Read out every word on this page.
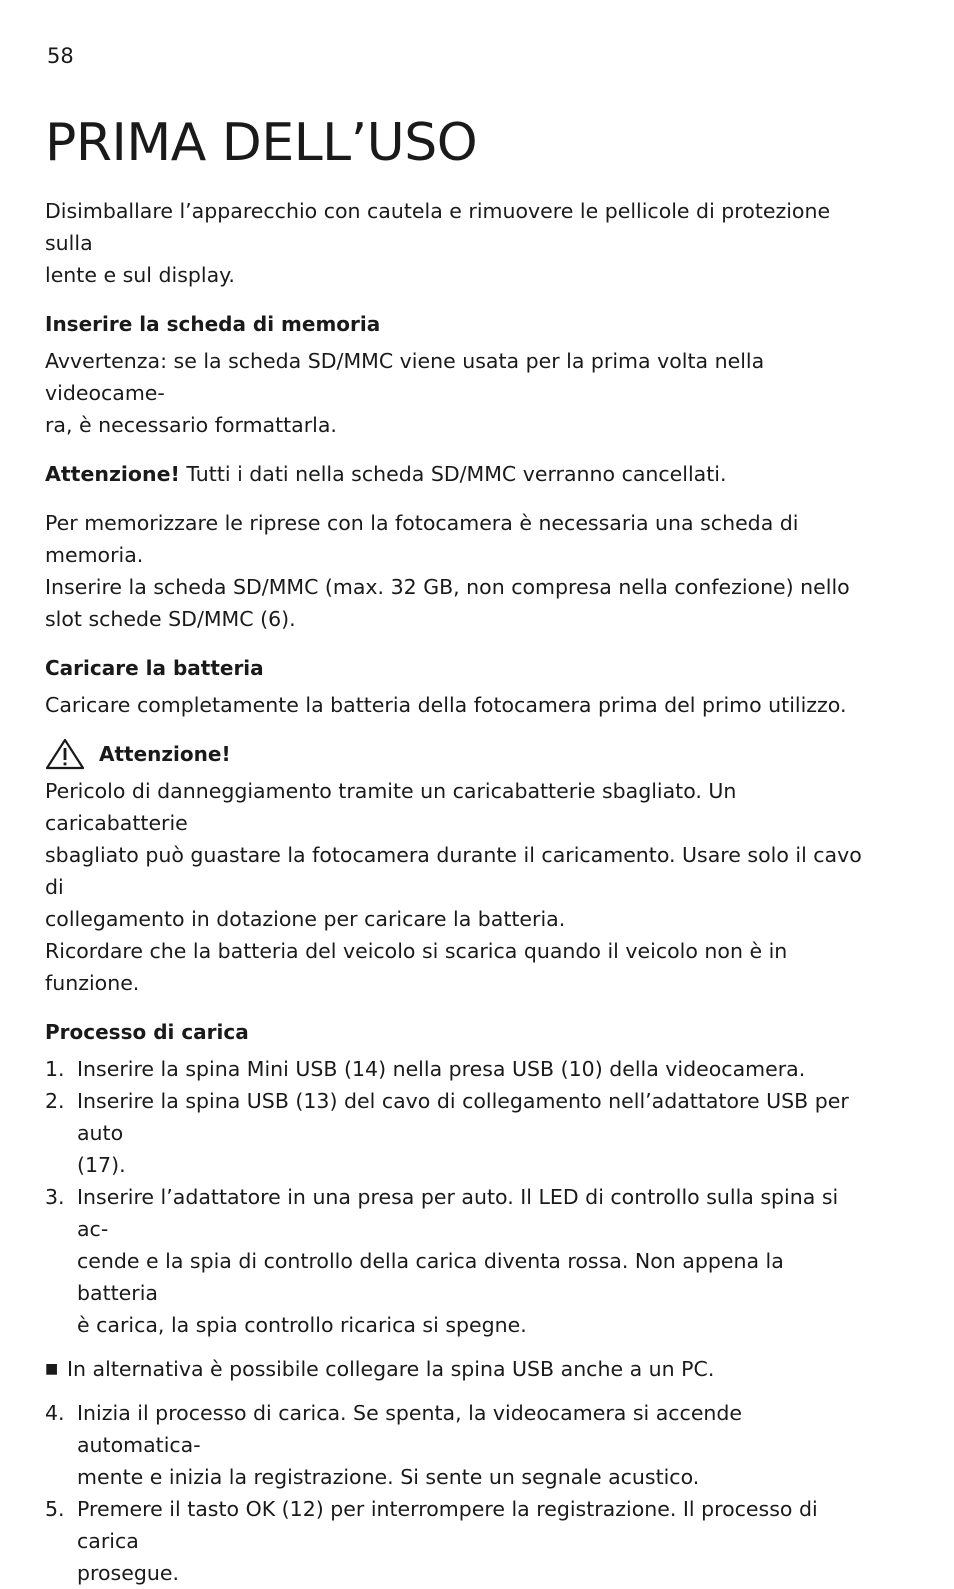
58
PRIMA DELL’USO

Disimballare l’apparecchio con cautela e rimuovere le pellicole di protezione sulla

lente e sul display.

Inserire la scheda di memoria

Avvertenza: se la scheda SD/MMC viene usata per la prima volta nella videocame-

ra, è necessario formattarla.

Attenzione! Tutti i dati nella scheda SD/MMC verranno cancellati.

Per memorizzare le riprese con la fotocamera è necessaria una scheda di memoria.

Inserire la scheda SD/MMC (max. 32 GB, non compresa nella confezione) nello

slot schede SD/MMC (6).

Caricare la batteria

Caricare completamente la batteria della fotocamera prima del primo utilizzo.

Attenzione!

Pericolo di danneggiamento tramite un caricabatterie sbagliato. Un caricabatterie

sbagliato può guastare la fotocamera durante il caricamento. Usare solo il cavo di

collegamento in dotazione per caricare la batteria.

Ricordare che la batteria del veicolo si scarica quando il veicolo non è in funzione.

Processo di carica

1. Inserire la spina Mini USB (14) nella presa USB (10) della videocamera.
2. Inserire la spina USB (13) del cavo di collegamento nell’adattatore USB per auto
(17).
3. Inserire l’adattatore in una presa per auto. Il LED di controllo sulla spina si ac-
cende e la spia di controllo della carica diventa rossa. Non appena la batteria
è carica, la spia controllo ricarica si spegne.
■ In alternativa è possibile collegare la spina USB anche a un PC.
4. Inizia il processo di carica. Se spenta, la videocamera si accende automatica-
mente e inizia la registrazione. Si sente un segnale acustico.
5. Premere il tasto OK (12) per interrompere la registrazione. Il processo di carica
prosegue.
